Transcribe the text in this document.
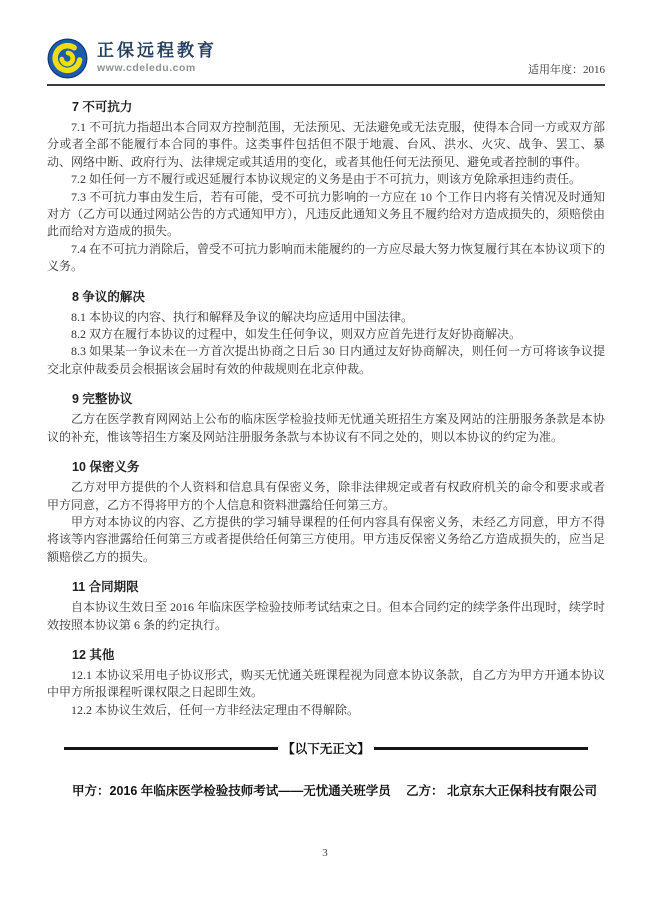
正保远程教育
www.cdeledu.com	适用年度：2016
7 不可抗力

7.1 不可抗力指超出本合同双方控制范围，无法预见、无法避免或无法克服，使得本合同一方或双方部分或者全部不能履行本合同的事件。这类事件包括但不限于地震、台风、洪水、火灾、战争、罢工、暴动、网络中断、政府行为、法律规定或其适用的变化，或者其他任何无法预见、避免或者控制的事件。

7.2 如任何一方不履行或迟延履行本协议规定的义务是由于不可抗力，则该方免除承担违约责任。

7.3 不可抗力事由发生后，若有可能，受不可抗力影响的一方应在 10 个工作日内将有关情况及时通知对方（乙方可以通过网站公告的方式通知甲方），凡违反此通知义务且不履约给对方造成损失的，须赔偿由此而给对方造成的损失。

7.4 在不可抗力消除后，曾受不可抗力影响而未能履约的一方应尽最大努力恢复履行其在本协议项下的义务。

8 争议的解决

8.1 本协议的内容、执行和解释及争议的解决均应适用中国法律。

8.2 双方在履行本协议的过程中，如发生任何争议，则双方应首先进行友好协商解决。

8.3 如果某一争议未在一方首次提出协商之日后 30 日内通过友好协商解决，则任何一方可将该争议提交北京仲裁委员会根据该会届时有效的仲裁规则在北京仲裁。

9 完整协议

乙方在医学教育网网站上公布的临床医学检验技师无忧通关班招生方案及网站的注册服务条款是本协议的补充，惟该等招生方案及网站注册服务条款与本协议有不同之处的，则以本协议的约定为准。

10 保密义务

乙方对甲方提供的个人资料和信息具有保密义务，除非法律规定或者有权政府机关的命令和要求或者甲方同意，乙方不得将甲方的个人信息和资料泄露给任何第三方。

甲方对本协议的内容、乙方提供的学习辅导课程的任何内容具有保密义务，未经乙方同意，甲方不得将该等内容泄露给任何第三方或者提供给任何第三方使用。甲方违反保密义务给乙方造成损失的，应当足额赔偿乙方的损失。

11 合同期限

自本协议生效日至 2016 年临床医学检验技师考试结束之日。但本合同约定的续学条件出现时，续学时效按照本协议第 6 条的约定执行。

12 其他

12.1 本协议采用电子协议形式，购买无忧通关班课程视为同意本协议条款，自乙方为甲方开通本协议中甲方所报课程听课权限之日起即生效。

12.2 本协议生效后，任何一方非经法定理由不得解除。

【以下无正文】
甲方：2016 年临床医学检验技师考试——无忧通关班学员 乙方： 北京东大正保科技有限公司
3
